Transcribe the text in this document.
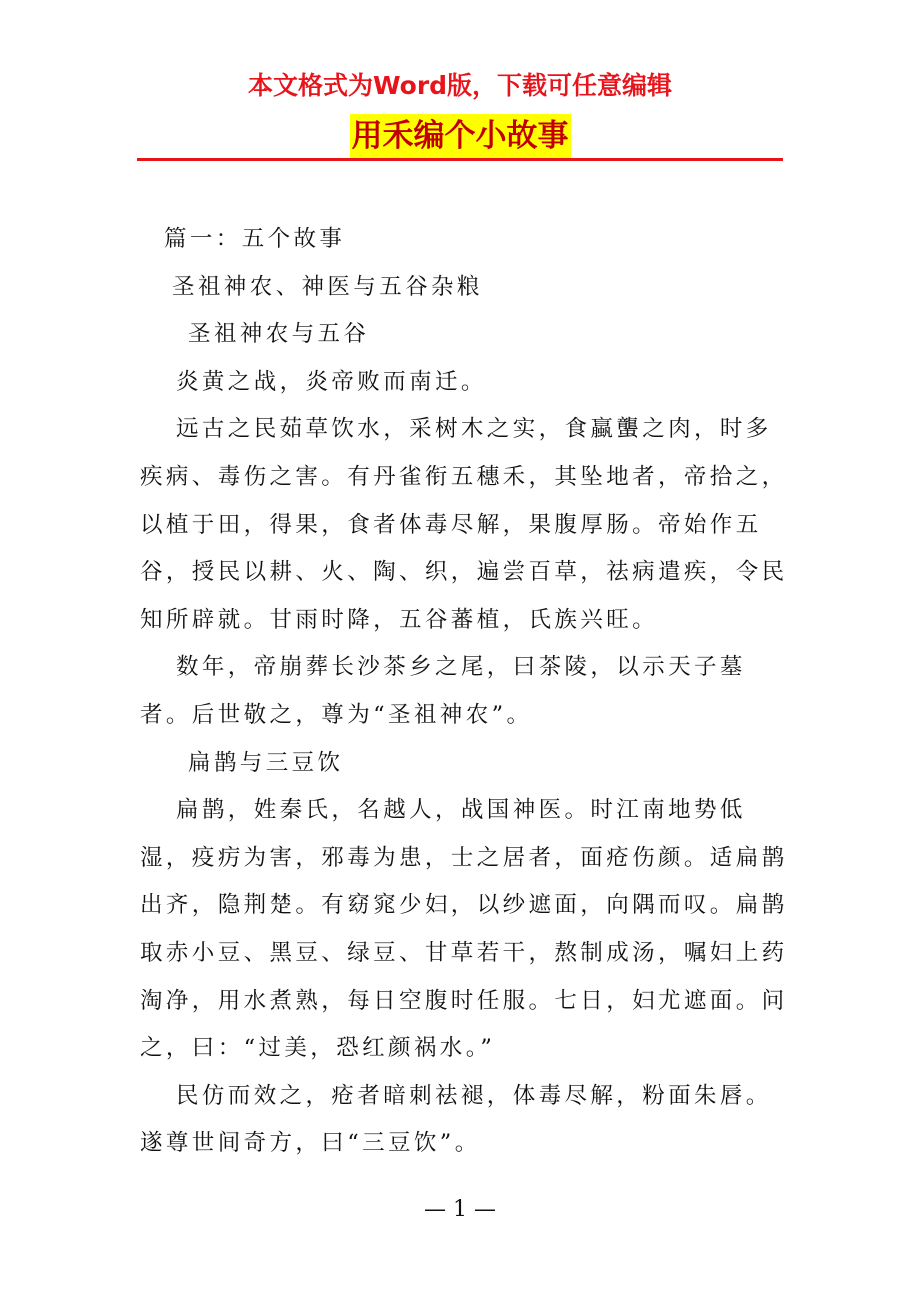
本文格式为Word版，下载可任意编辑
用禾编个小故事

篇一：五个故事

圣祖神农、神医与五谷杂粮

圣祖神农与五谷

炎黄之战，炎帝败而南迁。

远古之民茹草饮水，采树木之实，食蠃蠪之肉，时多疾病、毒伤之害。有丹雀衔五穗禾，其坠地者，帝拾之，以植于田，得果，食者体毒尽解，果腹厚肠。帝始作五谷，授民以耕、火、陶、织，遍尝百草，祛病遣疾，令民知所辟就。甘雨时降，五谷蕃植，氏族兴旺。

数年，帝崩葬长沙茶乡之尾，曰茶陵，以示天子墓者。后世敬之，尊为“圣祖神农”。

扁鹊与三豆饮

扁鹊，姓秦氏，名越人，战国神医。时江南地势低湿，疫疠为害，邪毒为患，士之居者，面疮伤颜。适扁鹊出齐，隐荆楚。有窈窕少妇，以纱遮面，向隅而叹。扁鹊取赤小豆、黑豆、绿豆、甘草若干，熬制成汤，嘱妇上药淘净，用水煮熟，每日空腹时任服。七日，妇尤遮面。问之，曰：“过美，恐红颜祸水。”

民仿而效之，疮者暗刺祛褪，体毒尽解，粉面朱唇。遂尊世间奇方，曰“三豆饮”。

— 1 —
